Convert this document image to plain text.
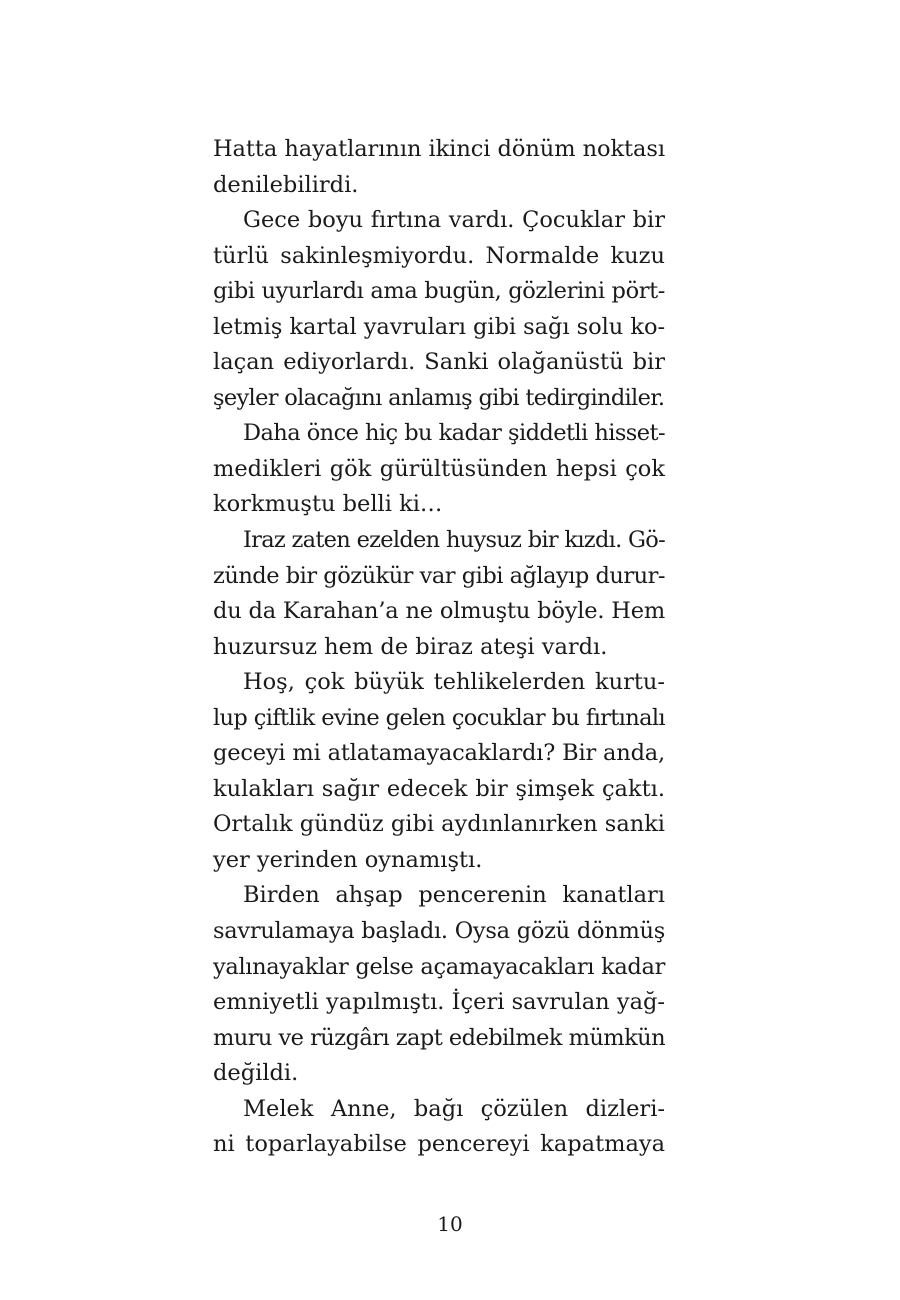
Hatta hayatlarının ikinci dönüm noktası
denilebilirdi.
Gece boyu fırtına vardı. Çocuklar bir
türlü sakinleşmiyordu. Normalde kuzu
gibi uyurlardı ama bugün, gözlerini pört-
letmiş kartal yavruları gibi sağı solu ko-
laçan ediyorlardı. Sanki olağanüstü bir
şeyler olacağını anlamış gibi tedirgindiler.
Daha önce hiç bu kadar şiddetli hisset-
medikleri gök gürültüsünden hepsi çok
korkmuştu belli ki…
Iraz zaten ezelden huysuz bir kızdı. Gö-
zünde bir gözükür var gibi ağlayıp durur-
du da Karahan’a ne olmuştu böyle. Hem
huzursuz hem de biraz ateşi vardı.
Hoş, çok büyük tehlikelerden kurtu-
lup çiftlik evine gelen çocuklar bu fırtınalı
geceyi mi atlatamayacaklardı? Bir anda,
kulakları sağır edecek bir şimşek çaktı.
Ortalık gündüz gibi aydınlanırken sanki
yer yerinden oynamıştı.
Birden ahşap pencerenin kanatları
savrulamaya başladı. Oysa gözü dönmüş
yalınayaklar gelse açamayacakları kadar
emniyetli yapılmıştı. İçeri savrulan yağ-
muru ve rüzgârı zapt edebilmek mümkün
değildi.
Melek Anne, bağı çözülen dizleri-
ni toparlayabilse pencereyi kapatmaya
10
